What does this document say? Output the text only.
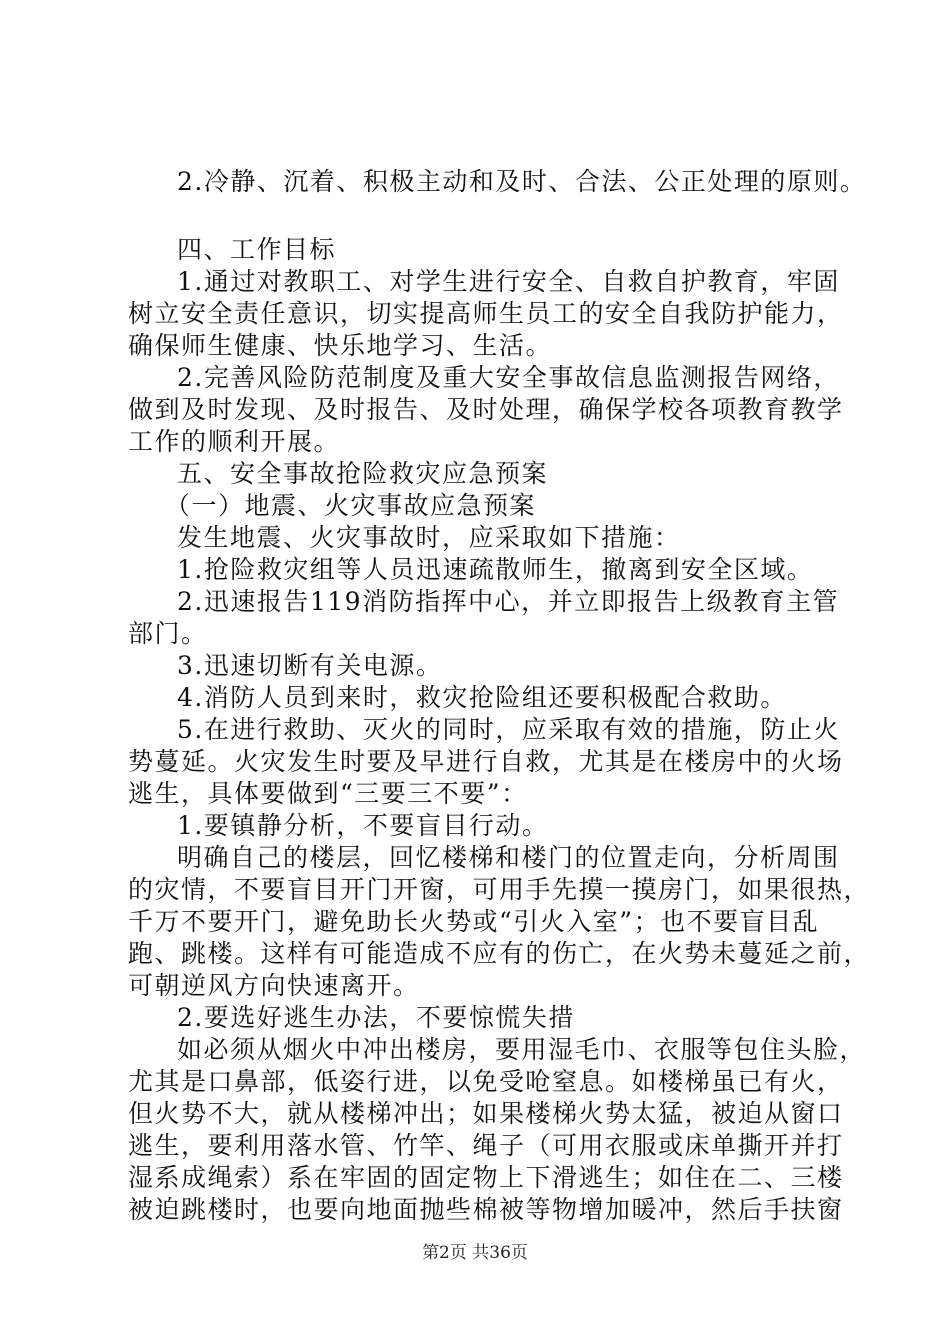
2.冷静、沉着、积极主动和及时、合法、公正处理的原则。
四、工作目标
1.通过对教职工、对学生进行安全、自救自护教育，牢固
树立安全责任意识，切实提高师生员工的安全自我防护能力，
确保师生健康、快乐地学习、生活。
2.完善风险防范制度及重大安全事故信息监测报告网络，
做到及时发现、及时报告、及时处理，确保学校各项教育教学
工作的顺利开展。
五、安全事故抢险救灾应急预案
（一）地震、火灾事故应急预案
发生地震、火灾事故时，应采取如下措施：
1.抢险救灾组等人员迅速疏散师生，撤离到安全区域。
2.迅速报告119消防指挥中心，并立即报告上级教育主管
部门。
3.迅速切断有关电源。
4.消防人员到来时，救灾抢险组还要积极配合救助。
5.在进行救助、灭火的同时，应采取有效的措施，防止火
势蔓延。火灾发生时要及早进行自救，尤其是在楼房中的火场
逃生，具体要做到“三要三不要”：
1.要镇静分析，不要盲目行动。
明确自己的楼层，回忆楼梯和楼门的位置走向，分析周围
的灾情，不要盲目开门开窗，可用手先摸一摸房门，如果很热，
千万不要开门，避免助长火势或“引火入室”；也不要盲目乱
跑、跳楼。这样有可能造成不应有的伤亡，在火势未蔓延之前，
可朝逆风方向快速离开。
2.要选好逃生办法，不要惊慌失措
如必须从烟火中冲出楼房，要用湿毛巾、衣服等包住头脸，
尤其是口鼻部，低姿行进，以免受呛窒息。如楼梯虽已有火，
但火势不大，就从楼梯冲出；如果楼梯火势太猛，被迫从窗口
逃生，要利用落水管、竹竿、绳子（可用衣服或床单撕开并打
湿系成绳索）系在牢固的固定物上下滑逃生；如住在二、三楼
被迫跳楼时，也要向地面抛些棉被等物增加暖冲，然后手扶窗
第2页 共36页
